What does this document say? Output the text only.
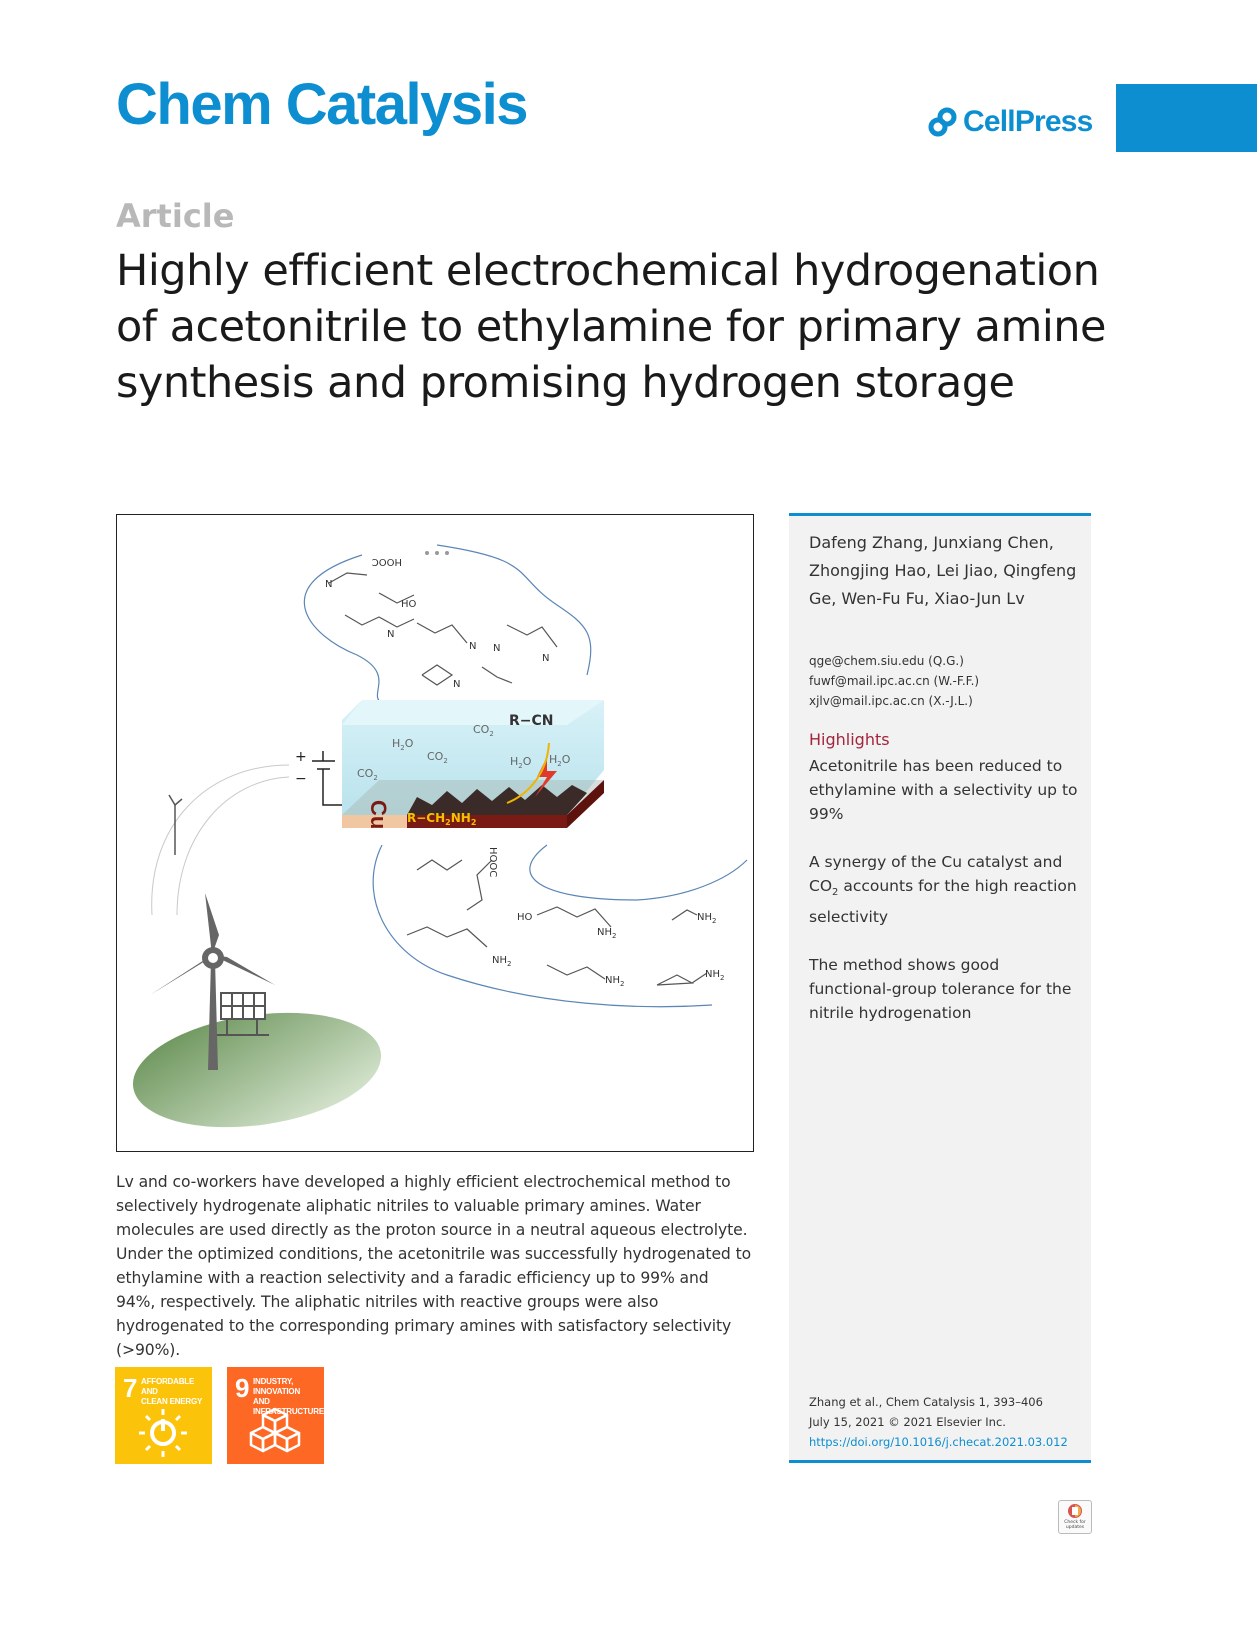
Chem Catalysis	CellPress
Article
Highly efficient electrochemical hydrogenation of acetonitrile to ethylamine for primary amine synthesis and promising hydrogen storage
HOOC
N
HO
N
N
N
N
N
Cu
R−CN
$R-CH_2NH_2$
$H_2O$
$H_2O$ $H_2O$
$CO_2$
$CO_2$
$CO_2$
+
−
HO
$NH_2$
$NH_2$
$NH_2$
$NH_2$
$NH_2$
HOOC

Lv and co-workers have developed a highly efficient electrochemical method to selectively hydrogenate aliphatic nitriles to valuable primary amines. Water molecules are used directly as the proton source in a neutral aqueous electrolyte. Under the optimized conditions, the acetonitrile was successfully hydrogenated to ethylamine with a reaction selectivity and a faradic efficiency up to 99% and 94%, respectively. The aliphatic nitriles with reactive groups were also hydrogenated to the corresponding primary amines with satisfactory selectivity (>90%).

7 AFFORDABLE AND
CLEAN ENERGY 9 INDUSTRY, INNOVATION
AND INFRASTRUCTURE

Dafeng Zhang, Junxiang Chen, Zhongjing Hao, Lei Jiao, Qingfeng Ge, Wen-Fu Fu, Xiao-Jun Lv

qge@chem.siu.edu (Q.G.)
fuwf@mail.ipc.ac.cn (W.-F.F.)
xjlv@mail.ipc.ac.cn (X.-J.L.)
Highlights

Acetonitrile has been reduced to ethylamine with a selectivity up to 99%

A synergy of the Cu catalyst and $CO_2$ accounts for the high reaction selectivity

The method shows good functional-group tolerance for the nitrile hydrogenation

Zhang et al., Chem Catalysis 1, 393–406
July 15, 2021 © 2021 Elsevier Inc.
https://doi.org/10.1016/j.checat.2021.03.012
Check for updates
